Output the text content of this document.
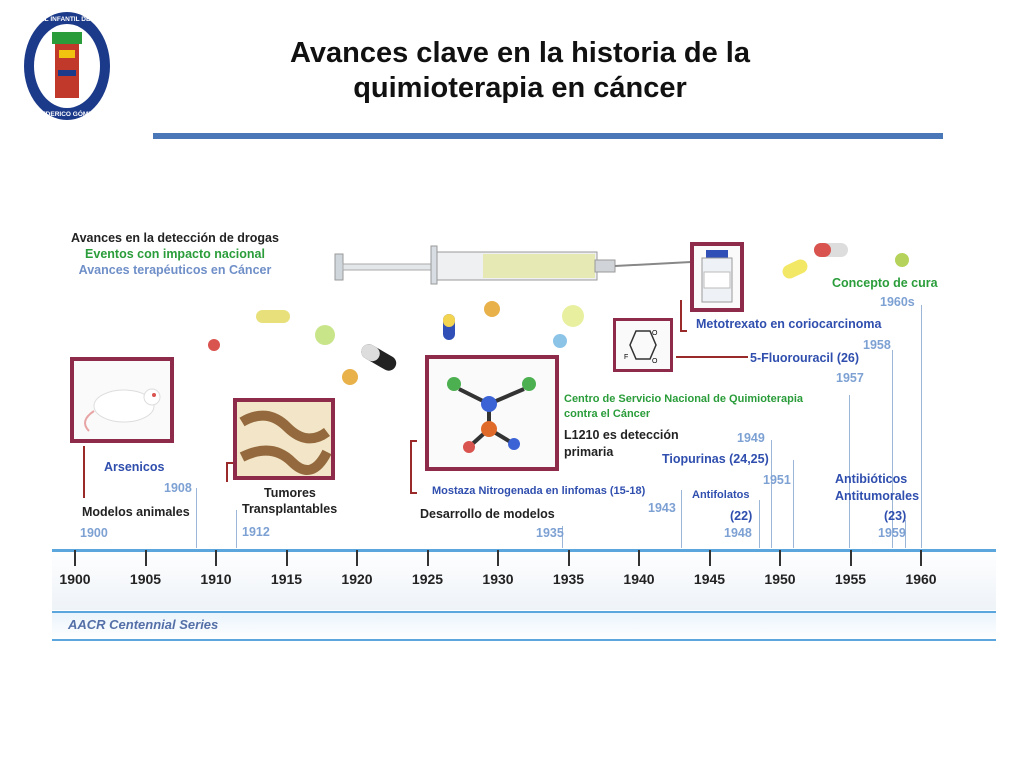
HOSPITAL INFANTIL DE MÉXICO
FEDERICO GÓMEZ
Avances clave en la historia de la
quimioterapia en cáncer
Avances en la detección de drogas
Eventos con impacto nacional
Avances terapéuticos en Cáncer
O
O
F
1900
Modelos animales
Arsenicos
1908	Tumores
Transplantables
1912
Desarrollo de modelos
1935
Mostaza Nitrogenada en linfomas (15-18)
1943
Centro de Servicio Nacional de Quimioterapia
contra el Cáncer
L1210 es detección
primaria
1949
Tiopurinas (24,25)
Antifolatos
(22)
1948
1951
5-Fluorouracil (26)
1957
Metotrexato en coriocarcinoma
1958
Concepto de cura
1960s
Antibióticos
Antitumorales
(23)
1959
1900	1905	1910	1915	1920	1925	1930	1935	1940	1945	1950	1955	1960
AACR Centennial Series
